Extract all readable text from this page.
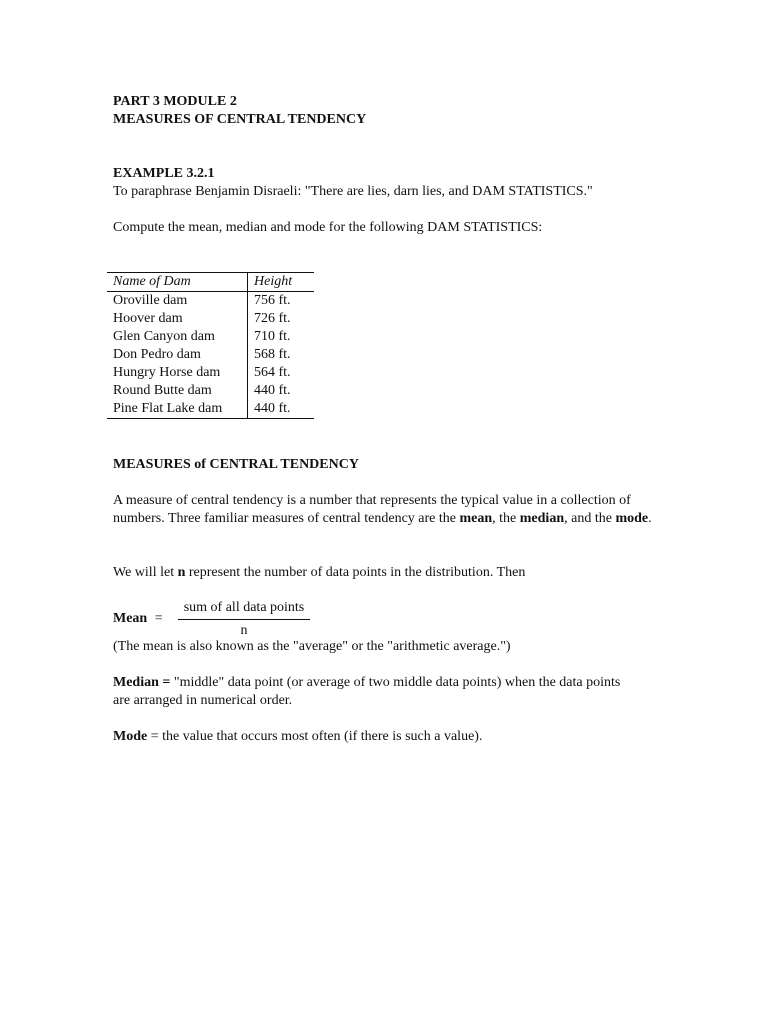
PART 3 MODULE 2
MEASURES OF CENTRAL TENDENCY
EXAMPLE 3.2.1
To paraphrase Benjamin Disraeli: "There are lies, darn lies, and DAM STATISTICS."
Compute the mean, median and mode for the following DAM STATISTICS:
Name of Dam	Height
Oroville dam	756 ft.
Hoover dam	726 ft.
Glen Canyon dam	710 ft.
Don Pedro dam	568 ft.
Hungry Horse dam	564 ft.
Round Butte dam	440 ft.
Pine Flat Lake dam	440 ft.
MEASURES of CENTRAL TENDENCY

A measure of central tendency is a number that represents the typical value in a collection of numbers. Three familiar measures of central tendency are the mean, the median, and the mode.

We will let n represent the number of data points in the distribution. Then

Mean =
sum of all data points
n
(The mean is also known as the "average" or the "arithmetic average.")

Median = "middle" data point (or average of two middle data points) when the data points are arranged in numerical order.

Mode = the value that occurs most often (if there is such a value).
